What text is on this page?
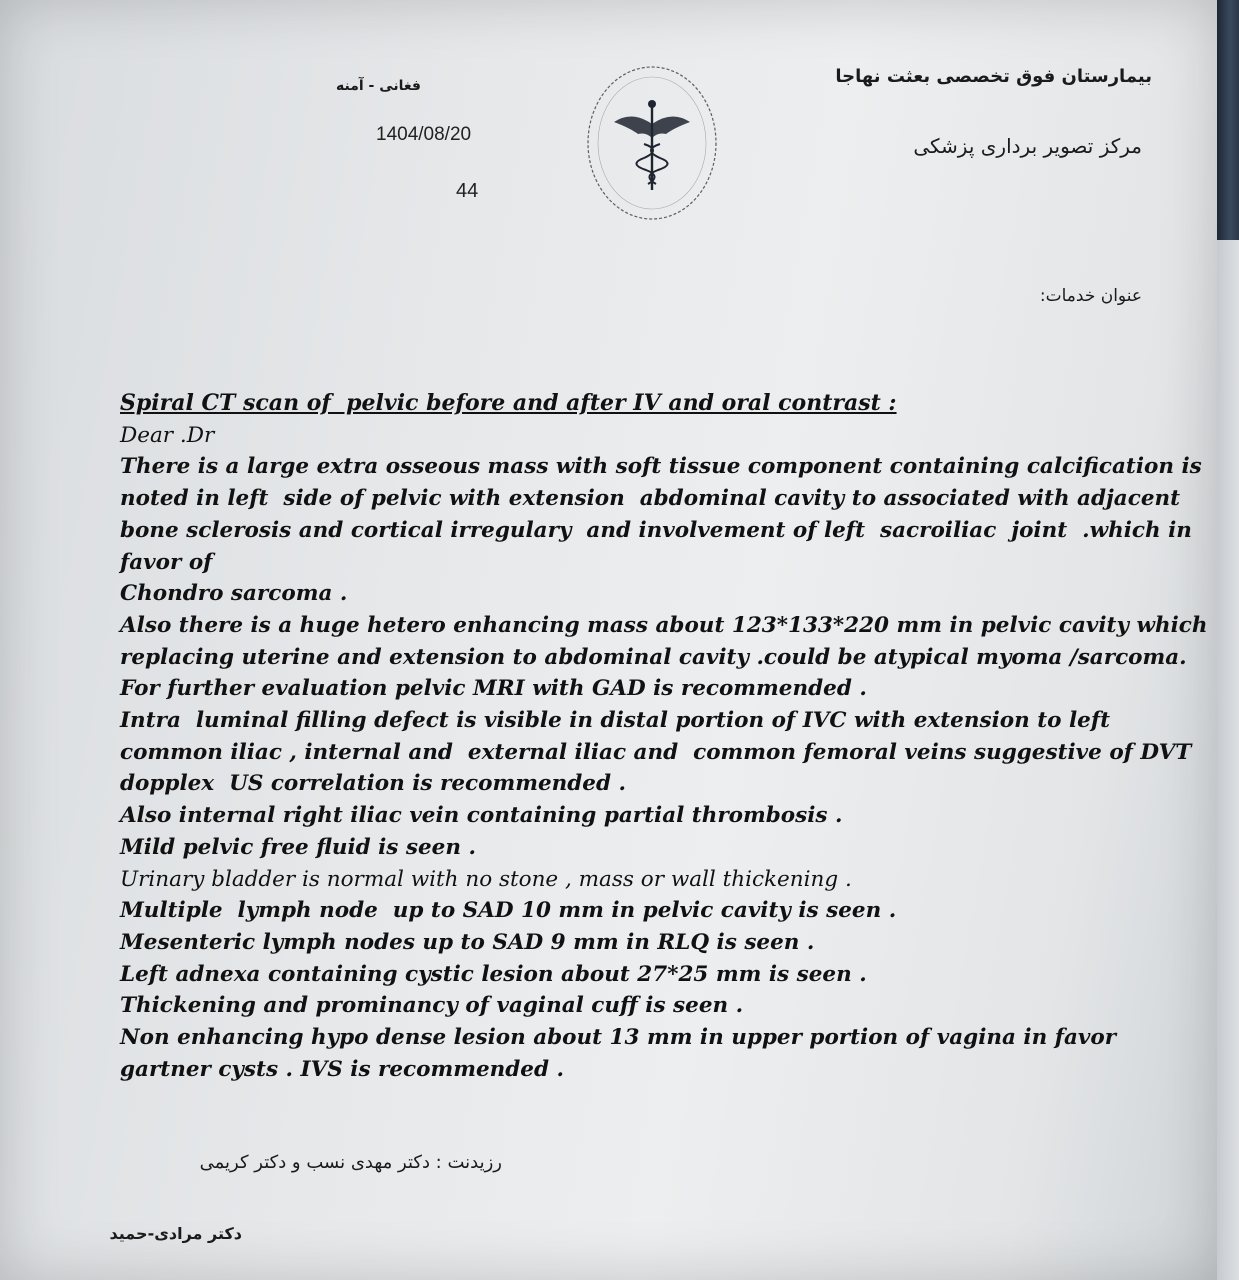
بیمارستان فوق تخصصی بعثت نهاجا
مرکز تصویر برداری پزشکی
فغانی - آمنه
1404/08/20
44
عنوان خدمات:
Spiral CT scan of  pelvic before and after IV and oral contrast :
Dear .Dr
There is a large extra osseous mass with soft tissue component containing calcification is
noted in left  side of pelvic with extension  abdominal cavity to associated with adjacent
bone sclerosis and cortical irregulary  and involvement of left  sacroiliac  joint  .which in
favor of
Chondro sarcoma .
Also there is a huge hetero enhancing mass about 123*133*220 mm in pelvic cavity which
replacing uterine and extension to abdominal cavity .could be atypical myoma /sarcoma.
For further evaluation pelvic MRI with GAD is recommended .
Intra  luminal filling defect is visible in distal portion of IVC with extension to left
common iliac , internal and  external iliac and  common femoral veins suggestive of DVT
dopplex  US correlation is recommended .
Also internal right iliac vein containing partial thrombosis .
Mild pelvic free fluid is seen .
Urinary bladder is normal with no stone , mass or wall thickening .
Multiple  lymph node  up to SAD 10 mm in pelvic cavity is seen .
Mesenteric lymph nodes up to SAD 9 mm in RLQ is seen .
Left adnexa containing cystic lesion about 27*25 mm is seen .
Thickening and prominancy of vaginal cuff is seen .
Non enhancing hypo dense lesion about 13 mm in upper portion of vagina in favor
gartner cysts . IVS is recommended .
رزیدنت : دکتر مهدی نسب و دکتر کریمی
دکتر مرادی-حمید
